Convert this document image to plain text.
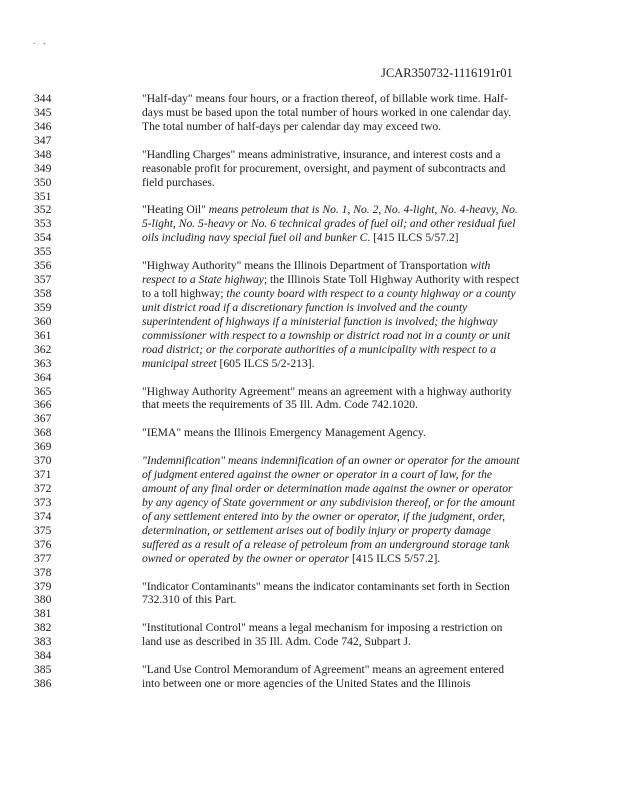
. .
JCAR350732-1116191r01
344	"Half-day" means four hours, or a fraction thereof, of billable work time. Half-
345	days must be based upon the total number of hours worked in one calendar day.
346	The total number of half-days per calendar day may exceed two.
347
348	"Handling Charges" means administrative, insurance, and interest costs and a
349	reasonable profit for procurement, oversight, and payment of subcontracts and
350	field purchases.
351
352	"Heating Oil" means petroleum that is No. 1, No. 2, No. 4-light, No. 4-heavy, No.
353	5-light, No. 5-heavy or No. 6 technical grades of fuel oil; and other residual fuel
354	oils including navy special fuel oil and bunker C. [415 ILCS 5/57.2]
355
356	"Highway Authority" means the Illinois Department of Transportation with
357	respect to a State highway; the Illinois State Toll Highway Authority with respect
358	to a toll highway; the county board with respect to a county highway or a county
359	unit district road if a discretionary function is involved and the county
360	superintendent of highways if a ministerial function is involved; the highway
361	commissioner with respect to a township or district road not in a county or unit
362	road district; or the corporate authorities of a municipality with respect to a
363	municipal street [605 ILCS 5/2-213].
364
365	"Highway Authority Agreement" means an agreement with a highway authority
366	that meets the requirements of 35 Ill. Adm. Code 742.1020.
367
368	"IEMA" means the Illinois Emergency Management Agency.
369
370	"Indemnification" means indemnification of an owner or operator for the amount
371	of judgment entered against the owner or operator in a court of law, for the
372	amount of any final order or determination made against the owner or operator
373	by any agency of State government or any subdivision thereof, or for the amount
374	of any settlement entered into by the owner or operator, if the judgment, order,
375	determination, or settlement arises out of bodily injury or property damage
376	suffered as a result of a release of petroleum from an underground storage tank
377	owned or operated by the owner or operator [415 ILCS 5/57.2].
378
379	"Indicator Contaminants" means the indicator contaminants set forth in Section
380	732.310 of this Part.
381
382	"Institutional Control" means a legal mechanism for imposing a restriction on
383	land use as described in 35 Ill. Adm. Code 742, Subpart J.
384
385	"Land Use Control Memorandum of Agreement" means an agreement entered
386	into between one or more agencies of the United States and the Illinois
